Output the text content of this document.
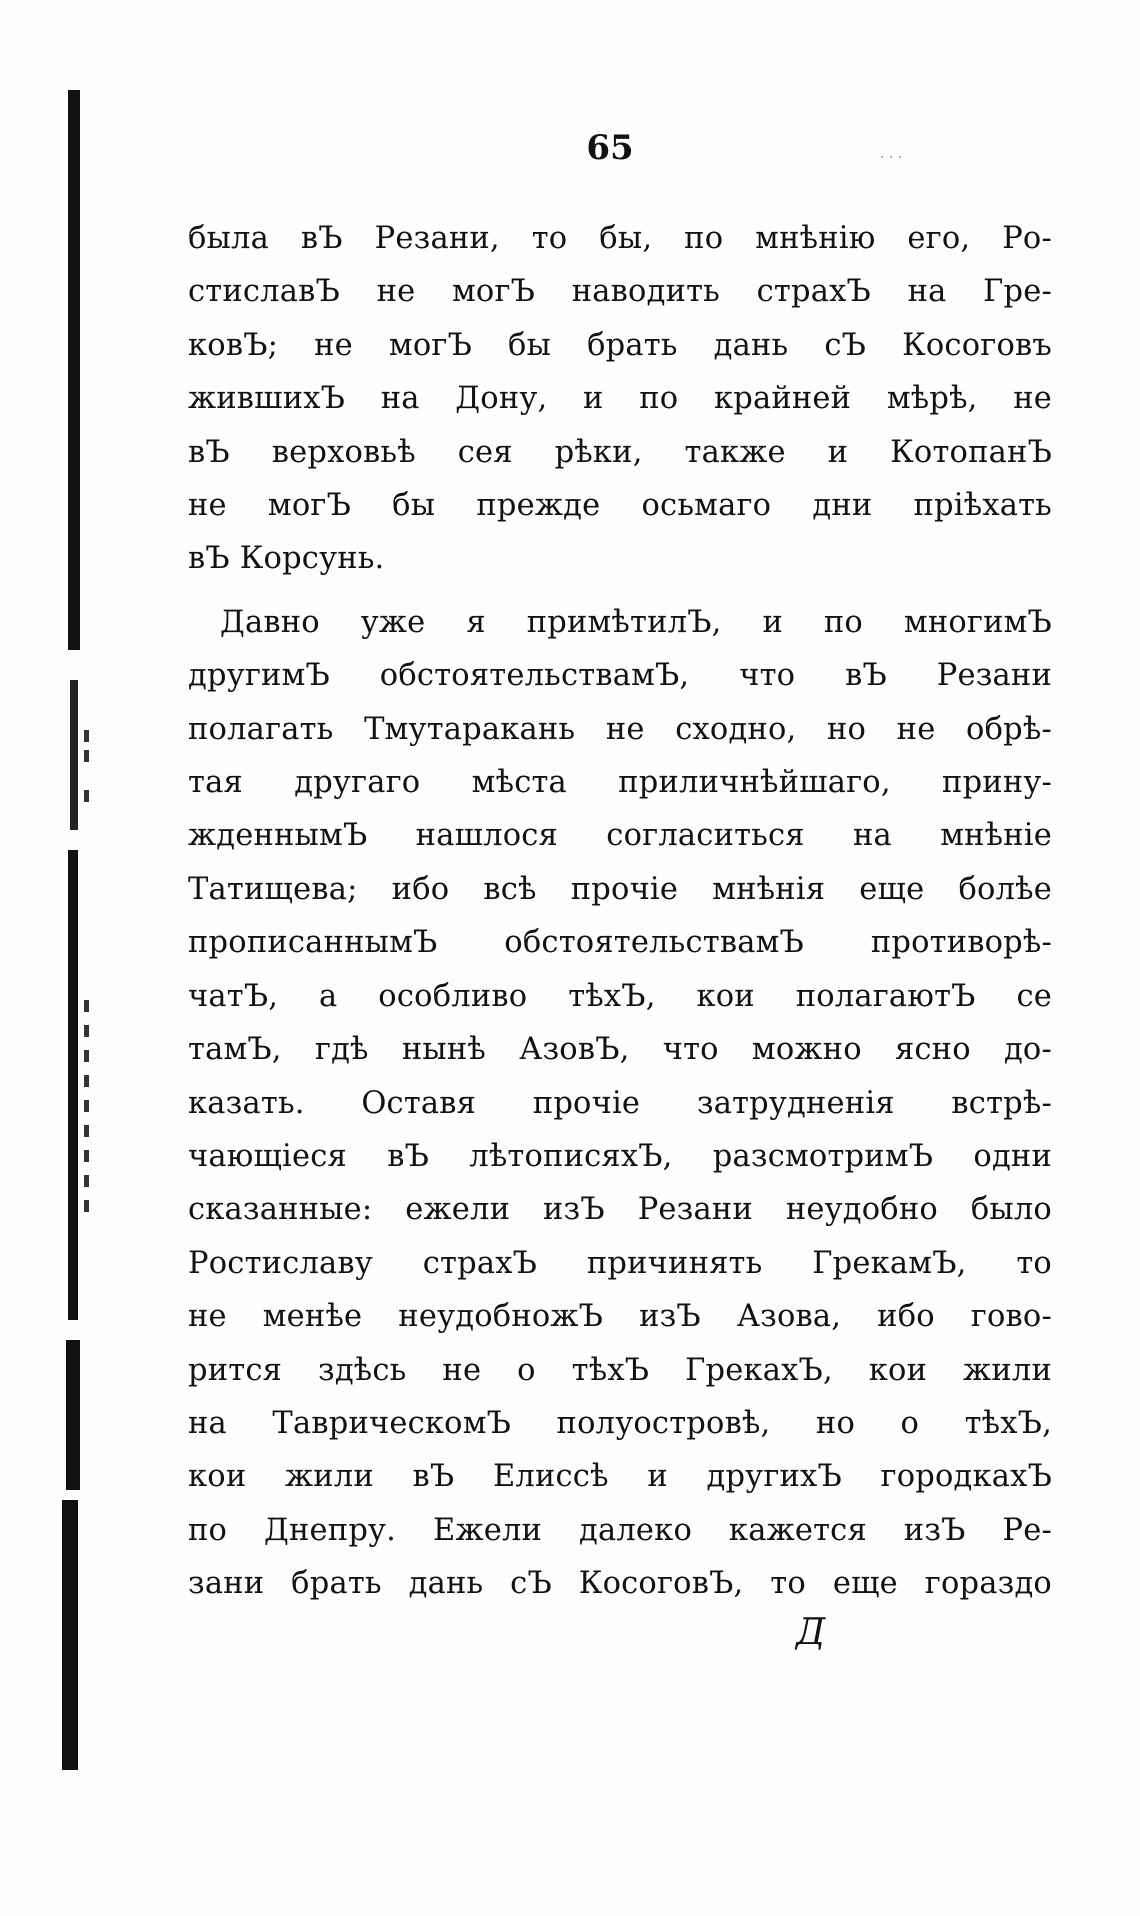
65
была вЪ Резани, то бы, по мнѣнію его, Ро-
стиславЪ не могЪ наводить страхЪ на Гре-
ковЪ; не могЪ бы брать дань сЪ Косоговъ
жившихЪ на Дону, и по крайней мѣрѣ, не
вЪ верховьѣ сея рѣки, также и КотопанЪ
не могЪ бы прежде осьмаго дни пріѣхать
вЪ Корсунь.
Давно уже я примѣтилЪ, и по многимЪ
другимЪ обстоятельствамЪ, что вЪ Резани
полагать Тмутаракань не сходно, но не обрѣ-
тая другаго мѣста приличнѣйшаго, прину-
жденнымЪ нашлося согласиться на мнѣніе
Татищева; ибо всѣ прочіе мнѣнія еще болѣе
прописаннымЪ обстоятельствамЪ противорѣ-
чатЪ, а особливо тѣхЪ, кои полагаютЪ се
тамЪ, гдѣ нынѣ АзовЪ, что можно ясно до-
казать. Оставя прочіе затрудненія встрѣ-
чающіеся вЪ лѣтописяхЪ, разсмотримЪ одни
сказанные: ежели изЪ Резани неудобно было
Ростиславу страхЪ причинять ГрекамЪ, то
не менѣе неудобножЪ изЪ Азова, ибо гово-
рится здѣсь не о тѣхЪ ГрекахЪ, кои жили
на ТаврическомЪ полуостровѣ, но о тѣхЪ,
кои жили вЪ Елиссѣ и другихЪ городкахЪ
по Днепру. Ежели далеко кажется изЪ Ре-
зани брать дань сЪ КосоговЪ, то еще гораздо
Д
· · ·
